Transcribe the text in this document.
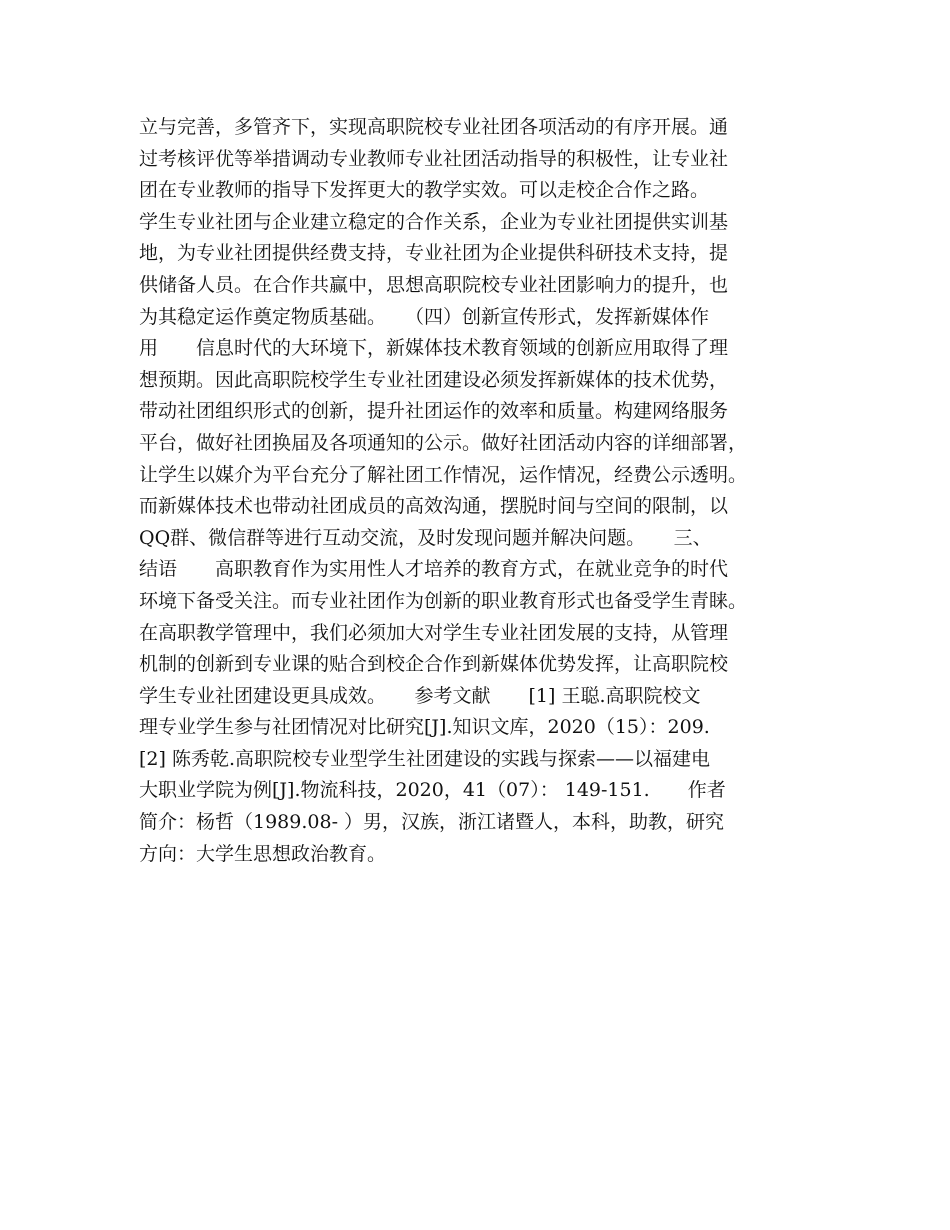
立与完善，多管齐下，实现高职院校专业社团各项活动的有序开展。通
过考核评优等举措调动专业教师专业社团活动指导的积极性，让专业社
团在专业教师的指导下发挥更大的教学实效。可以走校企合作之路。
学生专业社团与企业建立稳定的合作关系，企业为专业社团提供实训基
地，为专业社团提供经费支持，专业社团为企业提供科研技术支持，提
供储备人员。在合作共赢中，思想高职院校专业社团影响力的提升，也
为其稳定运作奠定物质基础。　　（四）创新宣传形式，发挥新媒体作
用　　信息时代的大环境下，新媒体技术教育领域的创新应用取得了理
想预期。因此高职院校学生专业社团建设必须发挥新媒体的技术优势，
带动社团组织形式的创新，提升社团运作的效率和质量。构建网络服务
平台，做好社团换届及各项通知的公示。做好社团活动内容的详细部署，
让学生以媒介为平台充分了解社团工作情况，运作情况，经费公示透明。
而新媒体技术也带动社团成员的高效沟通，摆脱时间与空间的限制，以
QQ群、微信群等进行互动交流，及时发现问题并解决问题。　　三、
结语　　高职教育作为实用性人才培养的教育方式，在就业竞争的时代
环境下备受关注。而专业社团作为创新的职业教育形式也备受学生青睐。
在高职教学管理中，我们必须加大对学生专业社团发展的支持，从管理
机制的创新到专业课的贴合到校企合作到新媒体优势发挥，让高职院校
学生专业社团建设更具成效。　　参考文献　　[1] 王聪.高职院校文
理专业学生参与社团情况对比研究[J].知识文库，2020（15）：209.
[2] 陈秀乾.高职院校专业型学生社团建设的实践与探索——以福建电
大职业学院为例[J].物流科技，2020，41（07）： 149-151.　　作者
简介：杨哲（1989.08- ）男，汉族，浙江诸暨人，本科，助教，研究
方向：大学生思想政治教育。
